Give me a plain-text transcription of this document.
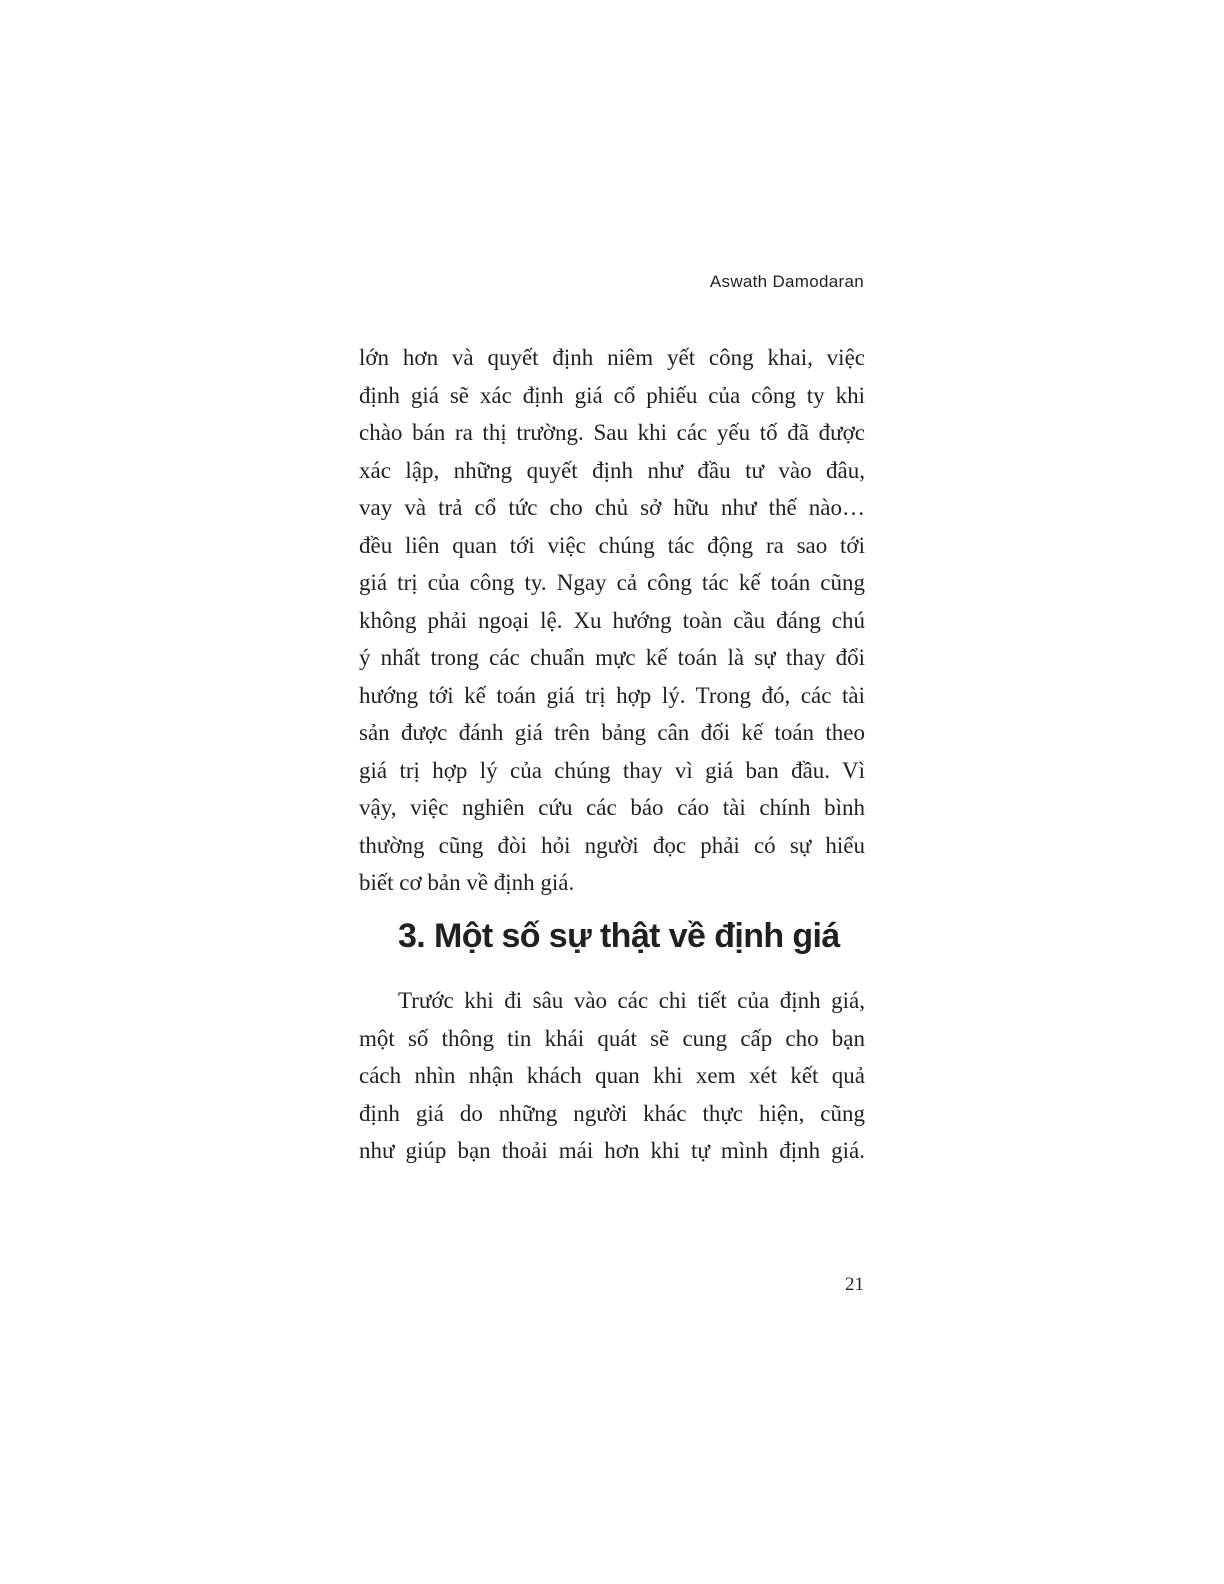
Aswath Damodaran
lớn hơn và quyết định niêm yết công khai, việc
định giá sẽ xác định giá cổ phiếu của công ty khi
chào bán ra thị trường. Sau khi các yếu tố đã được
xác lập, những quyết định như đầu tư vào đâu,
vay và trả cổ tức cho chủ sở hữu như thế nào…
đều liên quan tới việc chúng tác động ra sao tới
giá trị của công ty. Ngay cả công tác kế toán cũng
không phải ngoại lệ. Xu hướng toàn cầu đáng chú
ý nhất trong các chuẩn mực kế toán là sự thay đổi
hướng tới kế toán giá trị hợp lý. Trong đó, các tài
sản được đánh giá trên bảng cân đối kế toán theo
giá trị hợp lý của chúng thay vì giá ban đầu. Vì
vậy, việc nghiên cứu các báo cáo tài chính bình
thường cũng đòi hỏi người đọc phải có sự hiểu
biết cơ bản về định giá.
3. Một số sự thật về định giá
Trước khi đi sâu vào các chi tiết của định giá,
một số thông tin khái quát sẽ cung cấp cho bạn
cách nhìn nhận khách quan khi xem xét kết quả
định giá do những người khác thực hiện, cũng
như giúp bạn thoải mái hơn khi tự mình định giá.
21
